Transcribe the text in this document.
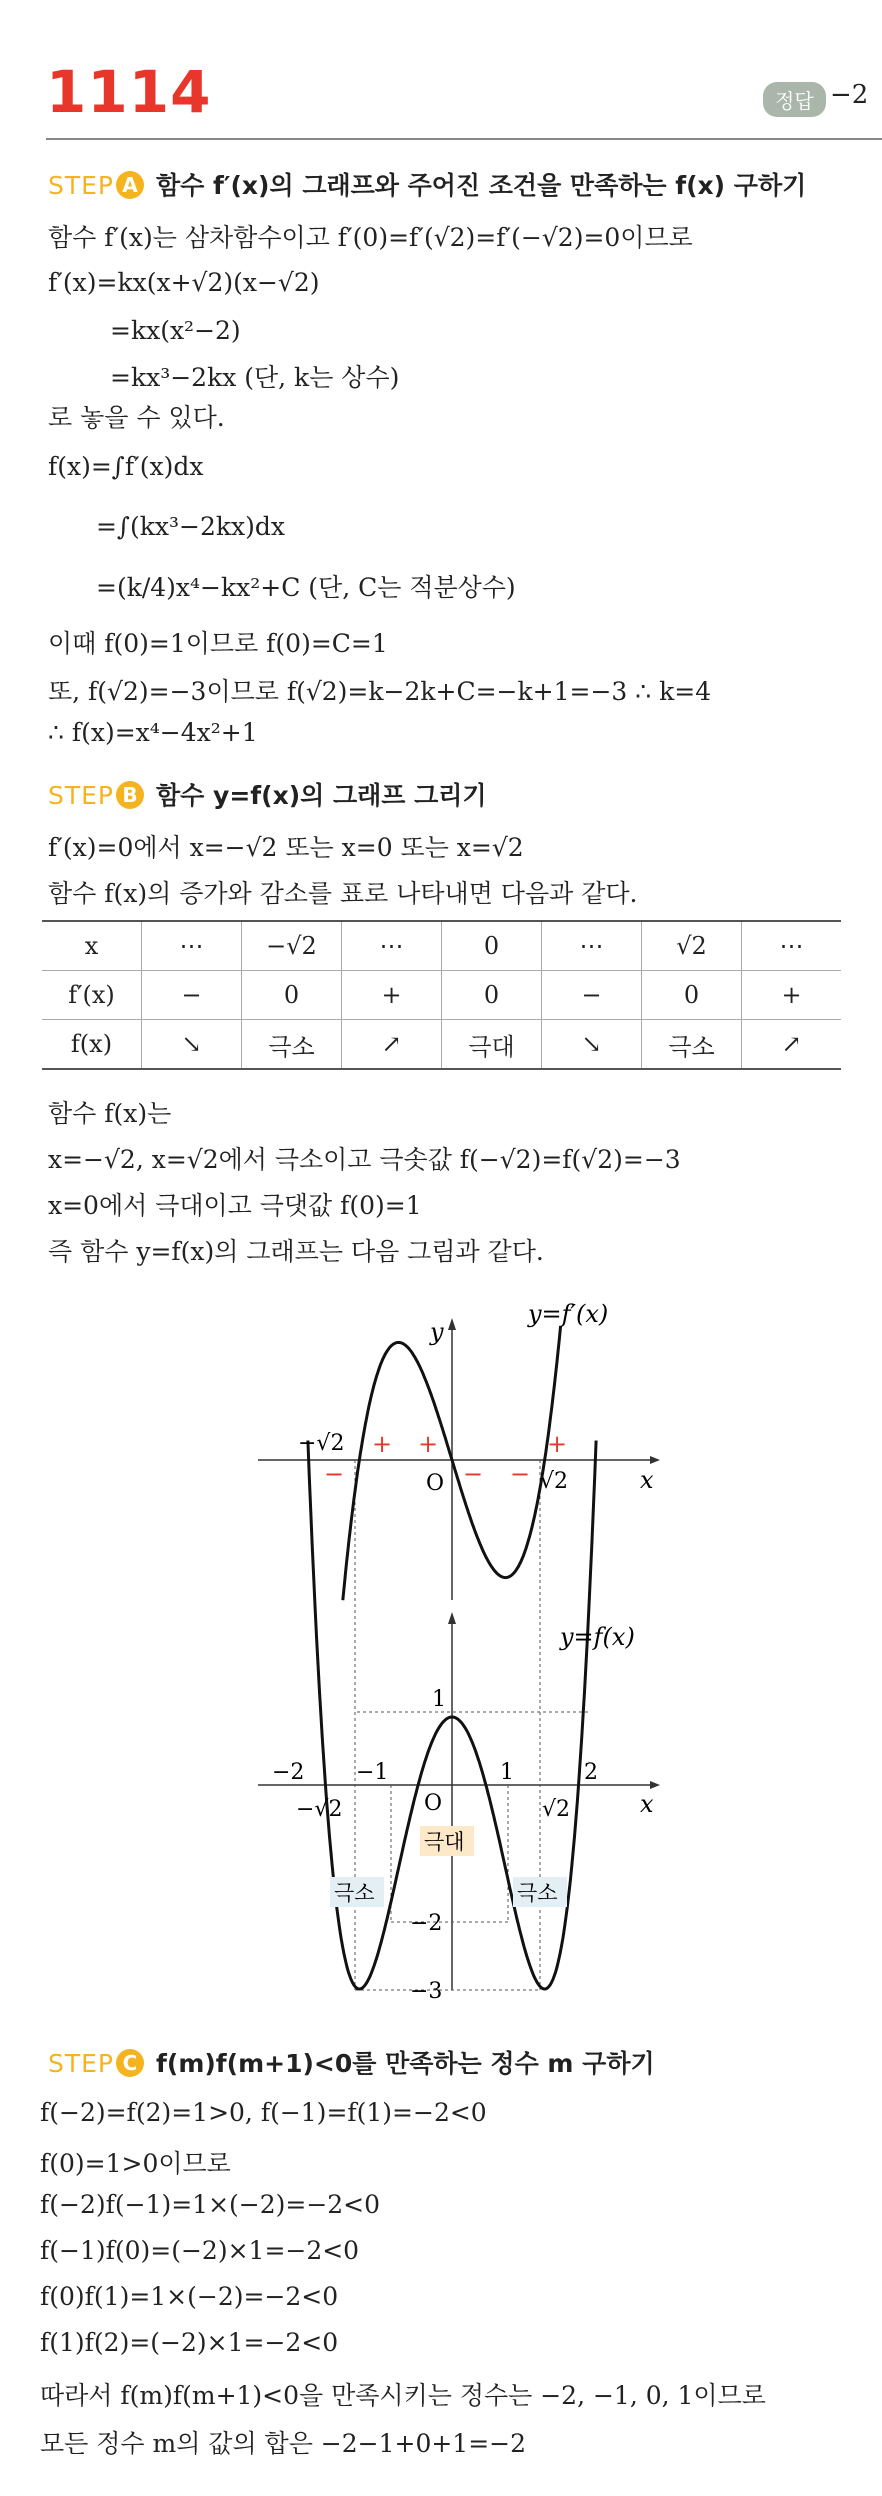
1114	정답 −2
STEP A 함수 f′(x)의 그래프와 주어진 조건을 만족하는 f(x) 구하기
함수 f′(x)는 삼차함수이고 f′(0)=f′(√2)=f′(−√2)=0이므로
f′(x)=kx(x+√2)(x−√2)
=kx(x²−2)
=kx³−2kx (단, k는 상수)
로 놓을 수 있다.
f(x)=∫f′(x)dx
=∫(kx³−2kx)dx
=(k/4)x⁴−kx²+C (단, C는 적분상수)
이때 f(0)=1이므로 f(0)=C=1
또, f(√2)=−3이므로 f(√2)=k−2k+C=−k+1=−3 ∴ k=4
∴ f(x)=x⁴−4x²+1
STEP B 함수 y=f(x)의 그래프 그리기
f′(x)=0에서 x=−√2 또는 x=0 또는 x=√2
함수 f(x)의 증가와 감소를 표로 나타내면 다음과 같다.
x	⋯	−√2	⋯	0	⋯	√2	⋯
f′(x)	−	0	+	0	−	0	+
f(x)	↘	극소	↗	극대	↘	극소	↗
함수 f(x)는
x=−√2, x=√2에서 극소이고 극솟값 f(−√2)=f(√2)=−3
x=0에서 극대이고 극댓값 f(0)=1
즉 함수 y=f(x)의 그래프는 다음 그림과 같다.
y
y=f′(x)
x
O
−√2
√2
+ +	+
−	− −
y=f(x)
x
O
−2 −1	1	2
−√2	√2
1
−2
−3
극대
극소	극소
STEP C f(m)f(m+1)<0를 만족하는 정수 m 구하기
f(−2)=f(2)=1>0, f(−1)=f(1)=−2<0
f(0)=1>0이므로
f(−2)f(−1)=1×(−2)=−2<0
f(−1)f(0)=(−2)×1=−2<0
f(0)f(1)=1×(−2)=−2<0
f(1)f(2)=(−2)×1=−2<0
따라서 f(m)f(m+1)<0을 만족시키는 정수는 −2, −1, 0, 1이므로
모든 정수 m의 값의 합은 −2−1+0+1=−2
